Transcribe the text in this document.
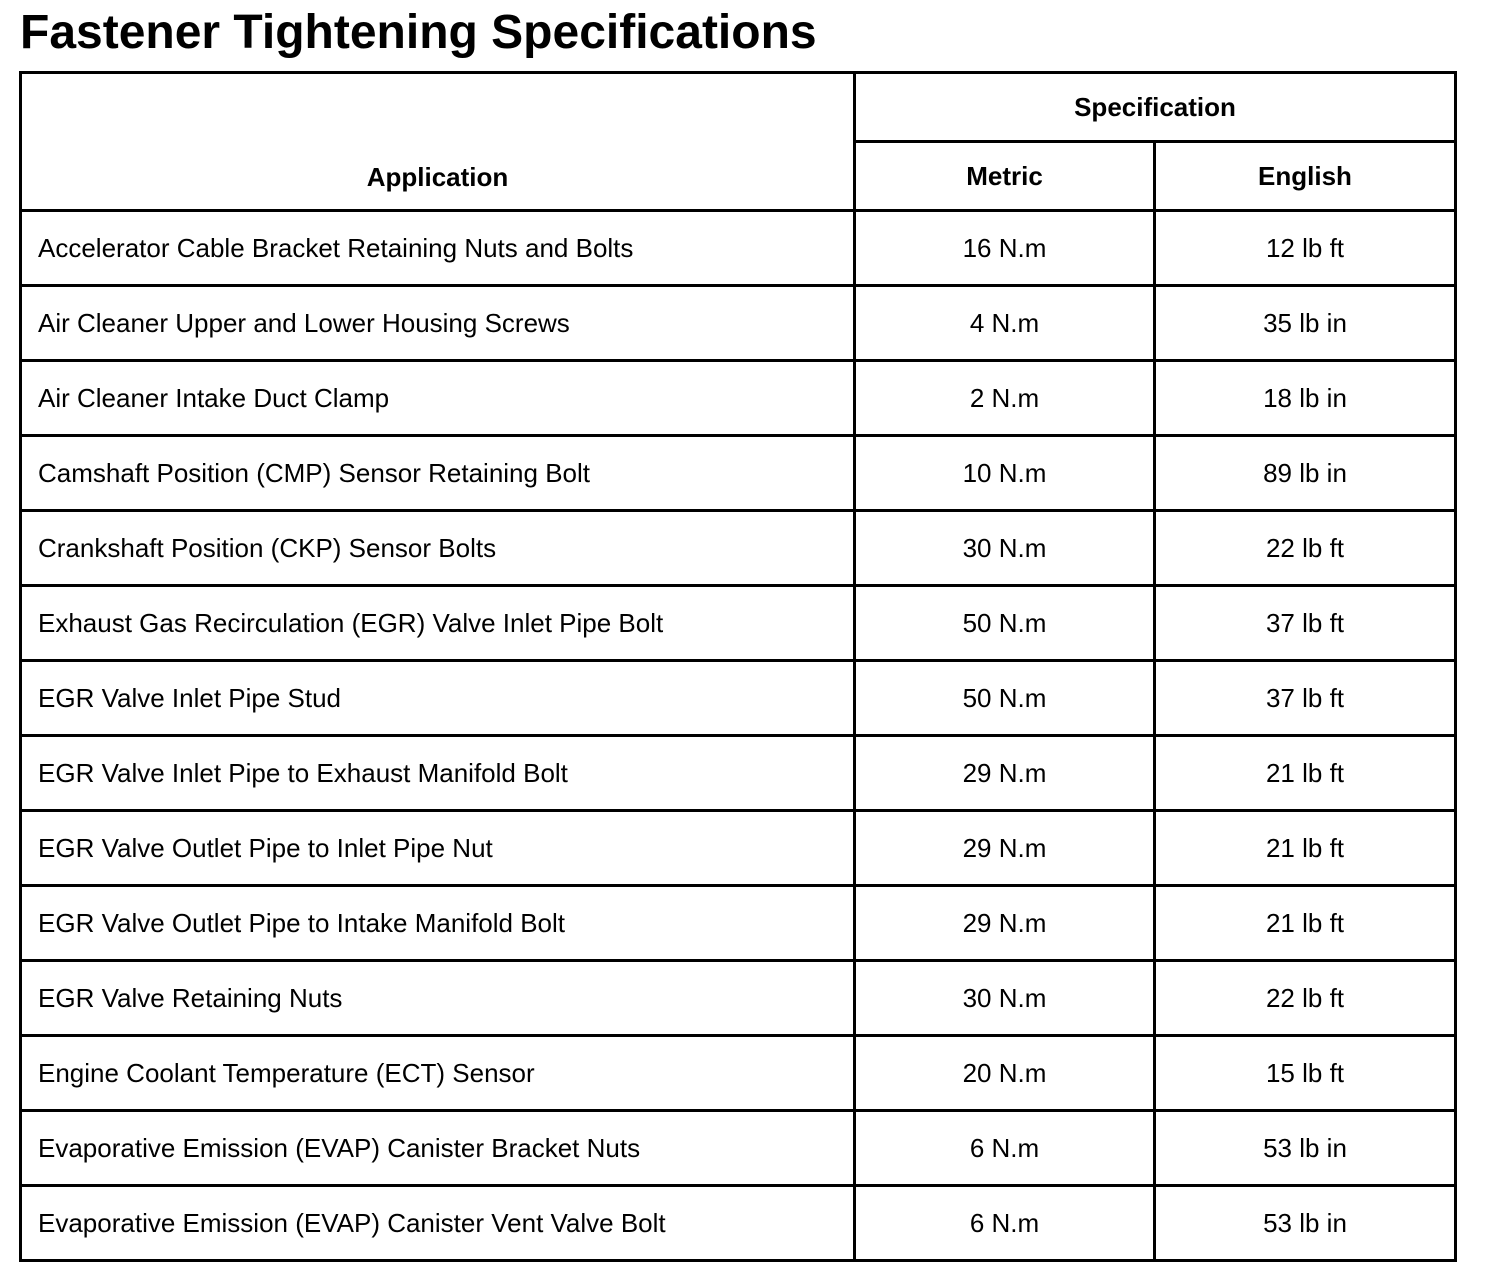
Fastener Tightening Specifications
Application	Specification	
	Metric	English
Accelerator Cable Bracket Retaining Nuts and Bolts	16 N.m	12 lb ft
Air Cleaner Upper and Lower Housing Screws	4 N.m	35 lb in
Air Cleaner Intake Duct Clamp	2 N.m	18 lb in
Camshaft Position (CMP) Sensor Retaining Bolt	10 N.m	89 lb in
Crankshaft Position (CKP) Sensor Bolts	30 N.m	22 lb ft
Exhaust Gas Recirculation (EGR) Valve Inlet Pipe Bolt	50 N.m	37 lb ft
EGR Valve Inlet Pipe Stud	50 N.m	37 lb ft
EGR Valve Inlet Pipe to Exhaust Manifold Bolt	29 N.m	21 lb ft
EGR Valve Outlet Pipe to Inlet Pipe Nut	29 N.m	21 lb ft
EGR Valve Outlet Pipe to Intake Manifold Bolt	29 N.m	21 lb ft
EGR Valve Retaining Nuts	30 N.m	22 lb ft
Engine Coolant Temperature (ECT) Sensor	20 N.m	15 lb ft
Evaporative Emission (EVAP) Canister Bracket Nuts	6 N.m	53 lb in
Evaporative Emission (EVAP) Canister Vent Valve Bolt	6 N.m	53 lb in
